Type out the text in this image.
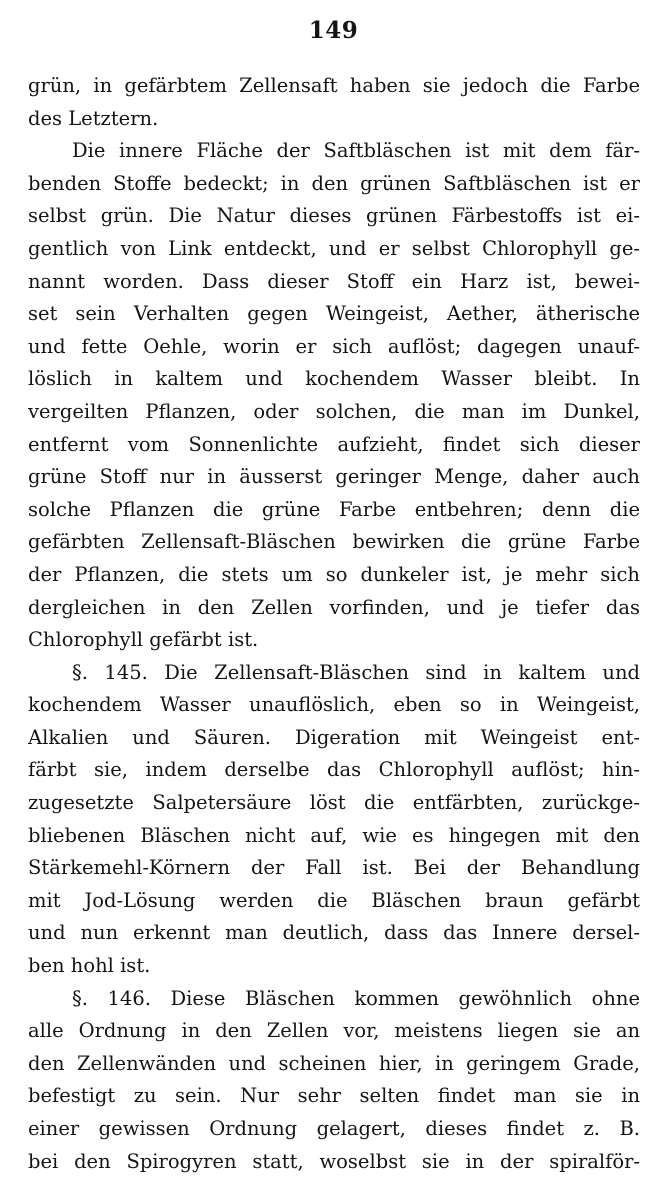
149
grün, in gefärbtem Zellensaft haben sie jedoch die Farbe
des Letztern.
Die innere Fläche der Saftbläschen ist mit dem fär-
benden Stoffe bedeckt; in den grünen Saftbläschen ist er
selbst grün. Die Natur dieses grünen Färbestoffs ist ei-
gentlich von Link entdeckt, und er selbst Chlorophyll ge-
nannt worden. Dass dieser Stoff ein Harz ist, bewei-
set sein Verhalten gegen Weingeist, Aether, ätherische
und fette Oehle, worin er sich auflöst; dagegen unauf-
löslich in kaltem und kochendem Wasser bleibt. In
vergeilten Pflanzen, oder solchen, die man im Dunkel,
entfernt vom Sonnenlichte aufzieht, findet sich dieser
grüne Stoff nur in äusserst geringer Menge, daher auch
solche Pflanzen die grüne Farbe entbehren; denn die
gefärbten Zellensaft-Bläschen bewirken die grüne Farbe
der Pflanzen, die stets um so dunkeler ist, je mehr sich
dergleichen in den Zellen vorfinden, und je tiefer das
Chlorophyll gefärbt ist.
§. 145. Die Zellensaft-Bläschen sind in kaltem und
kochendem Wasser unauflöslich, eben so in Weingeist,
Alkalien und Säuren. Digeration mit Weingeist ent-
färbt sie, indem derselbe das Chlorophyll auflöst; hin-
zugesetzte Salpetersäure löst die entfärbten, zurückge-
bliebenen Bläschen nicht auf, wie es hingegen mit den
Stärkemehl-Körnern der Fall ist. Bei der Behandlung
mit Jod-Lösung werden die Bläschen braun gefärbt
und nun erkennt man deutlich, dass das Innere dersel-
ben hohl ist.
§. 146. Diese Bläschen kommen gewöhnlich ohne
alle Ordnung in den Zellen vor, meistens liegen sie an
den Zellenwänden und scheinen hier, in geringem Grade,
befestigt zu sein. Nur sehr selten findet man sie in
einer gewissen Ordnung gelagert, dieses findet z. B.
bei den Spirogyren statt, woselbst sie in der spiralför-
